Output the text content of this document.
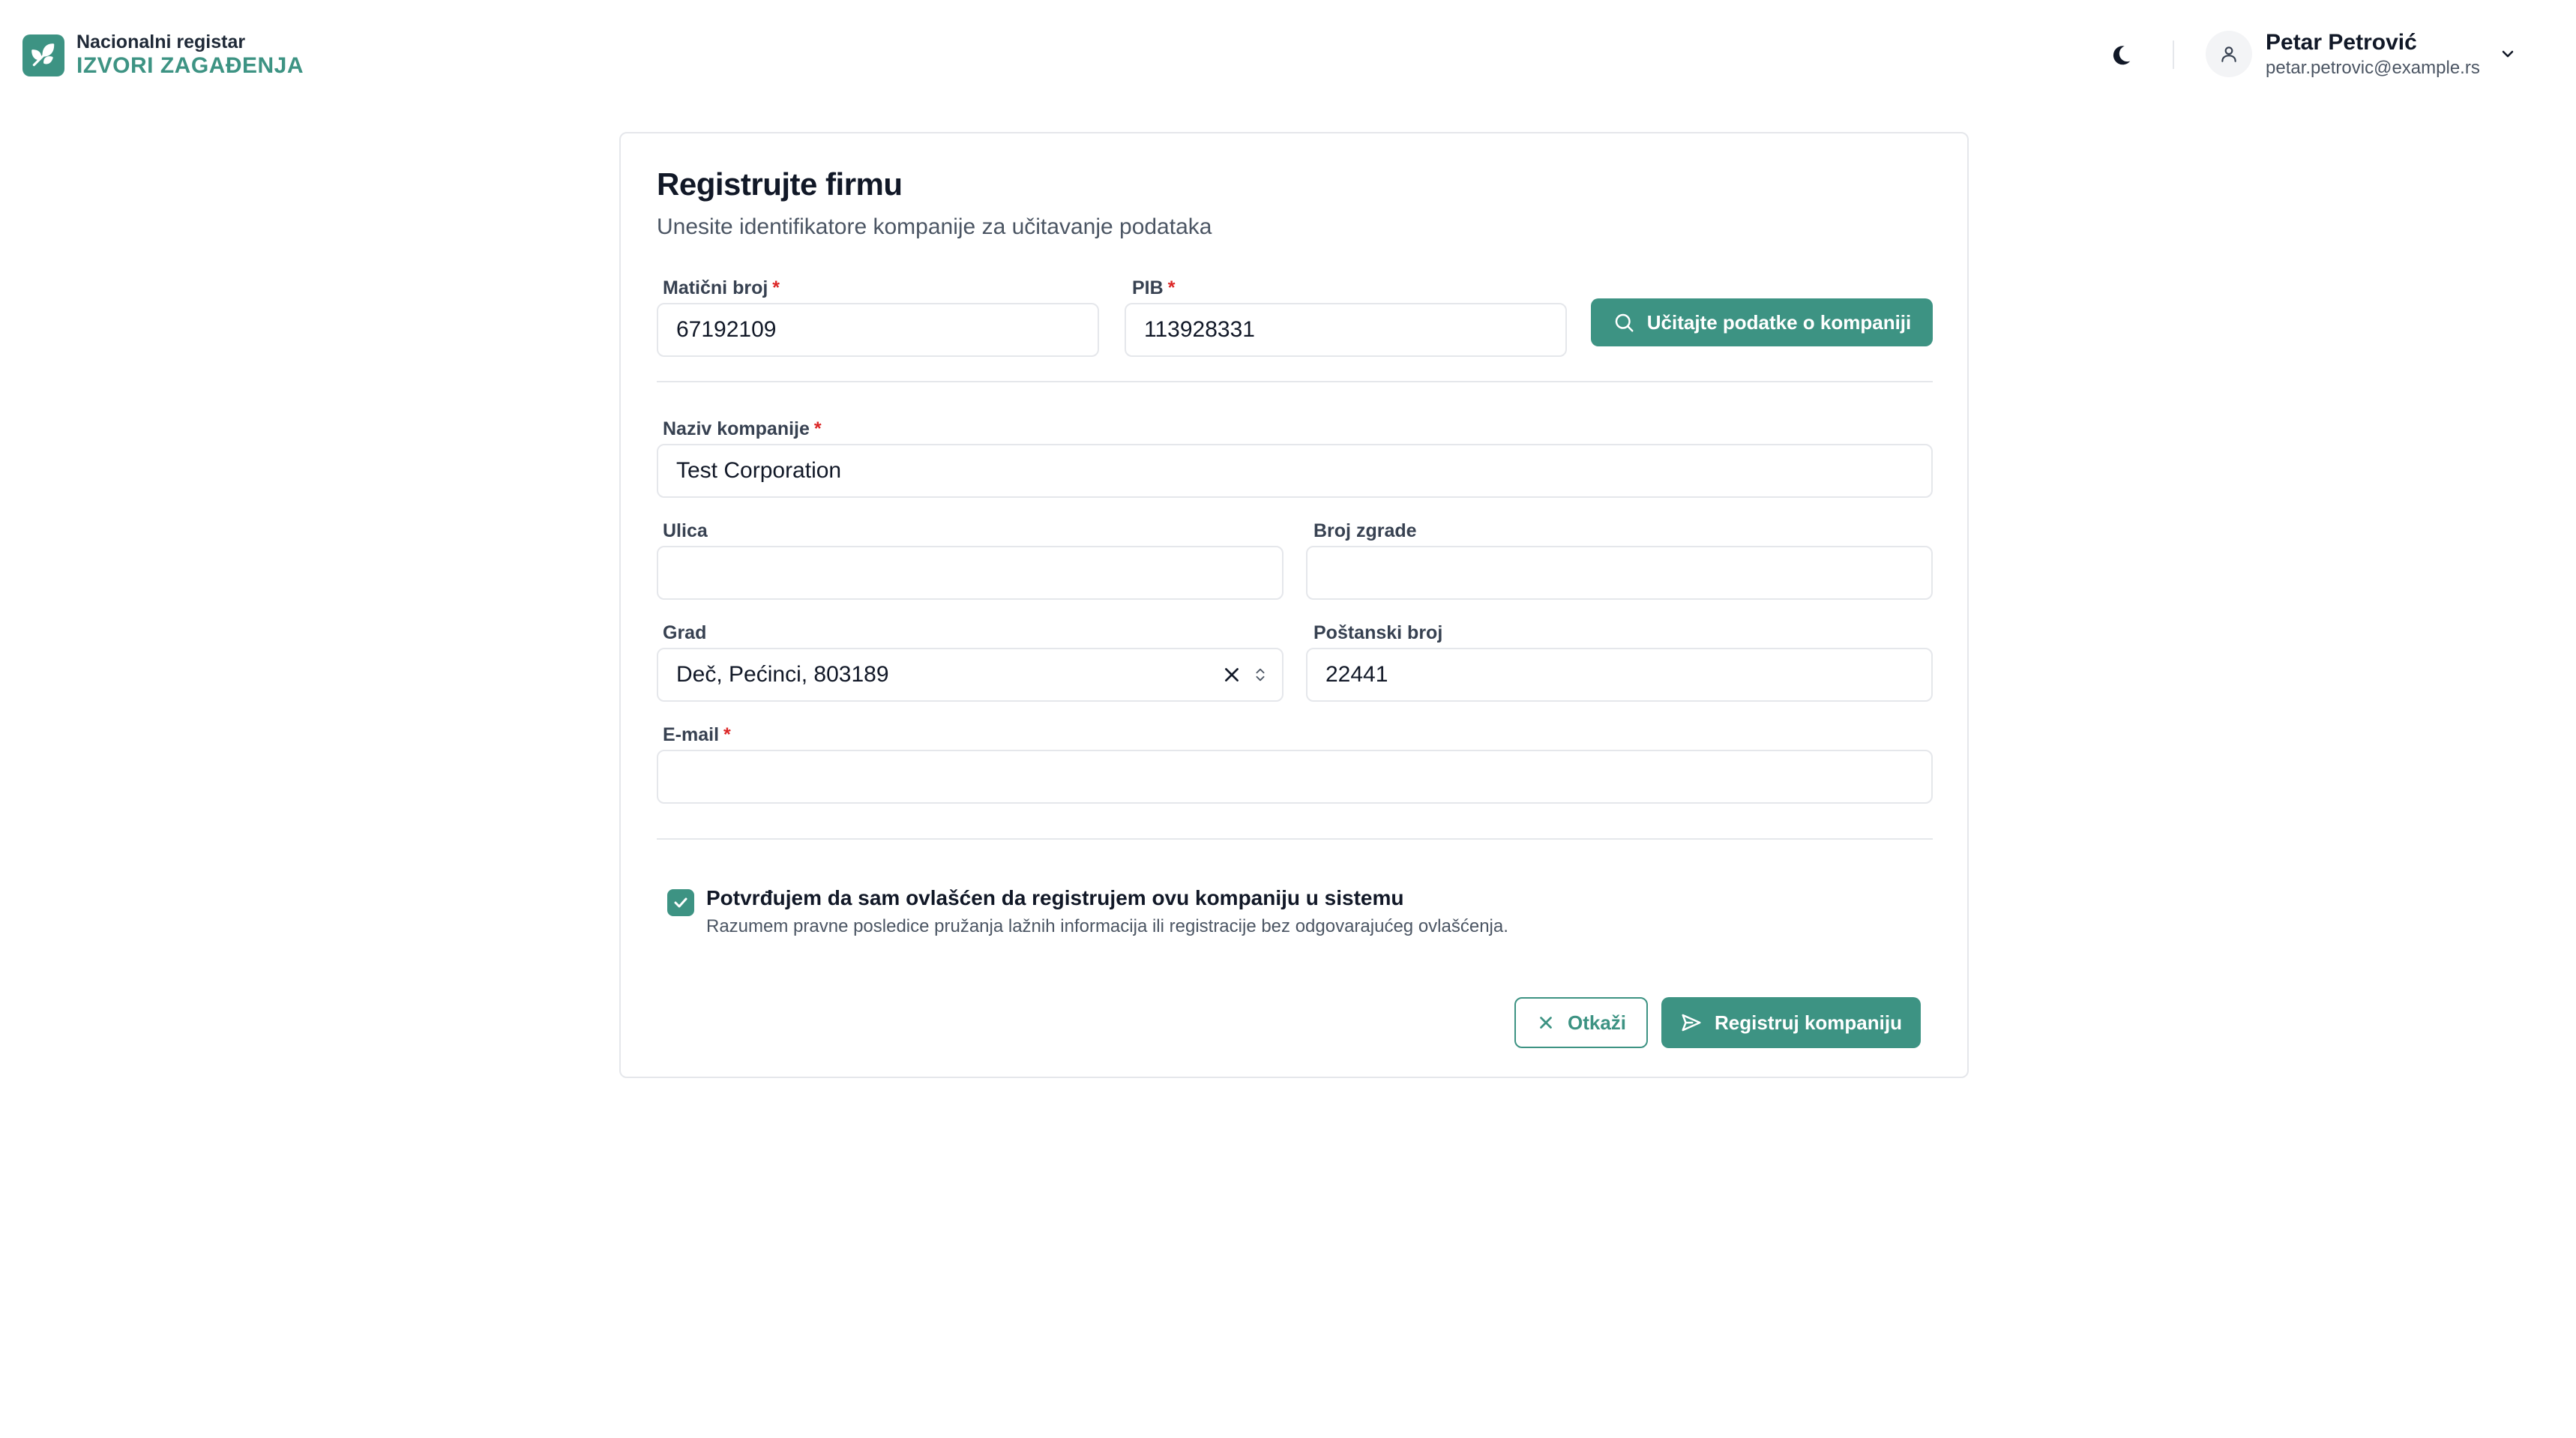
Nacionalni registar
IZVORI ZAGAĐENJA
Petar Petrović
petar.petrovic@example.rs
Registrujte firmu
Unesite identifikatore kompanije za učitavanje podataka
Matični broj *
67192109	PIB *
113928331
Učitajte podatke o kompaniji
Naziv kompanije *
Test Corporation
Ulica	Broj zgrade
Grad
Deč, Pećinci, 803189
Poštanski broj
22441
E-mail *
Potvrđujem da sam ovlašćen da registrujem ovu kompaniju u sistemu
Razumem pravne posledice pružanja lažnih informacija ili registracije bez odgovarajućeg ovlašćenja.
Otkaži	Registruj kompaniju
